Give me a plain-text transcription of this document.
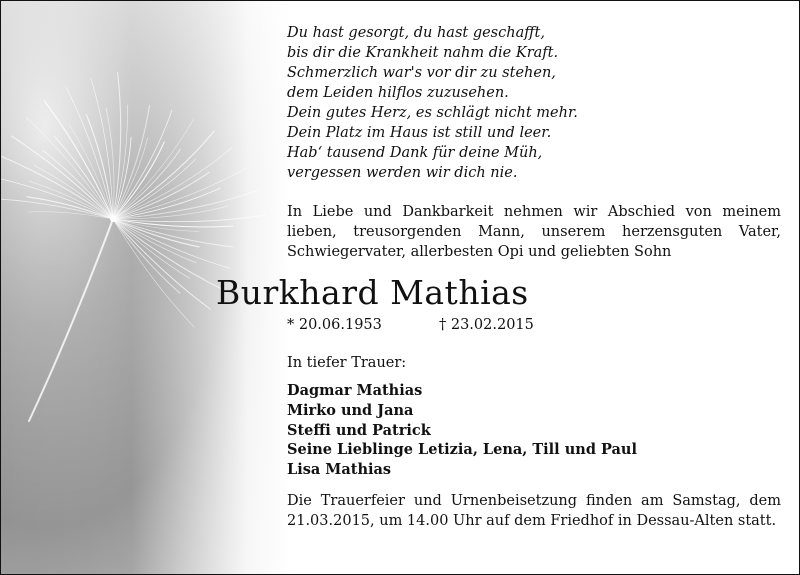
Du hast gesorgt, du hast geschafft,
bis dir die Krankheit nahm die Kraft.
Schmerzlich war's vor dir zu stehen,
dem Leiden hilflos zuzusehen.
Dein gutes Herz, es schlägt nicht mehr.
Dein Platz im Haus ist still und leer.
Hab‘ tausend Dank für deine Müh,
vergessen werden wir dich nie.
In Liebe und Dankbarkeit nehmen wir Abschied von meinem lieben, treusorgenden Mann, unserem herzensguten Vater, Schwiegervater, allerbesten Opi und geliebten Sohn
Burkhard Mathias
* 20.06.1953	† 23.02.2015
In tiefer Trauer:
Dagmar Mathias
Mirko und Jana
Steffi und Patrick
Seine Lieblinge Letizia, Lena, Till und Paul
Lisa Mathias
Die Trauerfeier und Urnenbeisetzung finden am Samstag, dem 21.03.2015, um 14.00 Uhr auf dem Friedhof in Dessau-Alten statt.
